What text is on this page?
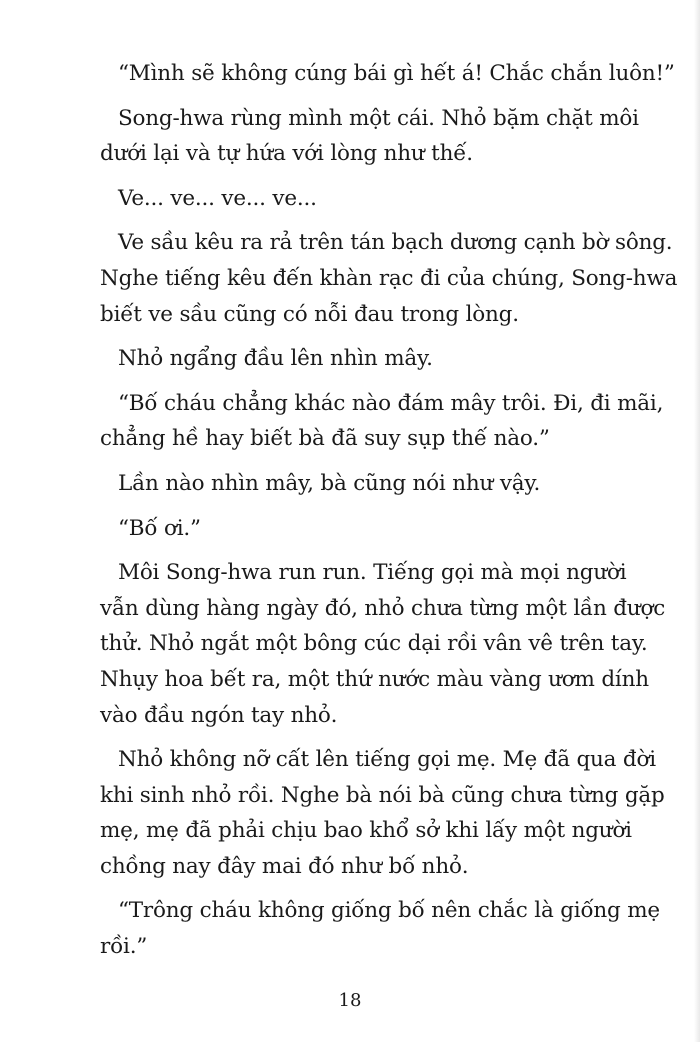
“Mình sẽ không cúng bái gì hết á! Chắc chắn luôn!”

Song-hwa rùng mình một cái. Nhỏ bặm chặt môi
dưới lại và tự hứa với lòng như thế.

Ve... ve... ve... ve...

Ve sầu kêu ra rả trên tán bạch dương cạnh bờ sông.
Nghe tiếng kêu đến khàn rạc đi của chúng, Song-hwa
biết ve sầu cũng có nỗi đau trong lòng.

Nhỏ ngẩng đầu lên nhìn mây.

“Bố cháu chẳng khác nào đám mây trôi. Đi, đi mãi,
chẳng hề hay biết bà đã suy sụp thế nào.”

Lần nào nhìn mây, bà cũng nói như vậy.

“Bố ơi.”

Môi Song-hwa run run. Tiếng gọi mà mọi người
vẫn dùng hàng ngày đó, nhỏ chưa từng một lần được
thử. Nhỏ ngắt một bông cúc dại rồi vân vê trên tay.
Nhụy hoa bết ra, một thứ nước màu vàng ươm dính
vào đầu ngón tay nhỏ.

Nhỏ không nỡ cất lên tiếng gọi mẹ. Mẹ đã qua đời
khi sinh nhỏ rồi. Nghe bà nói bà cũng chưa từng gặp
mẹ, mẹ đã phải chịu bao khổ sở khi lấy một người
chồng nay đây mai đó như bố nhỏ.

“Trông cháu không giống bố nên chắc là giống mẹ
rồi.”

18
